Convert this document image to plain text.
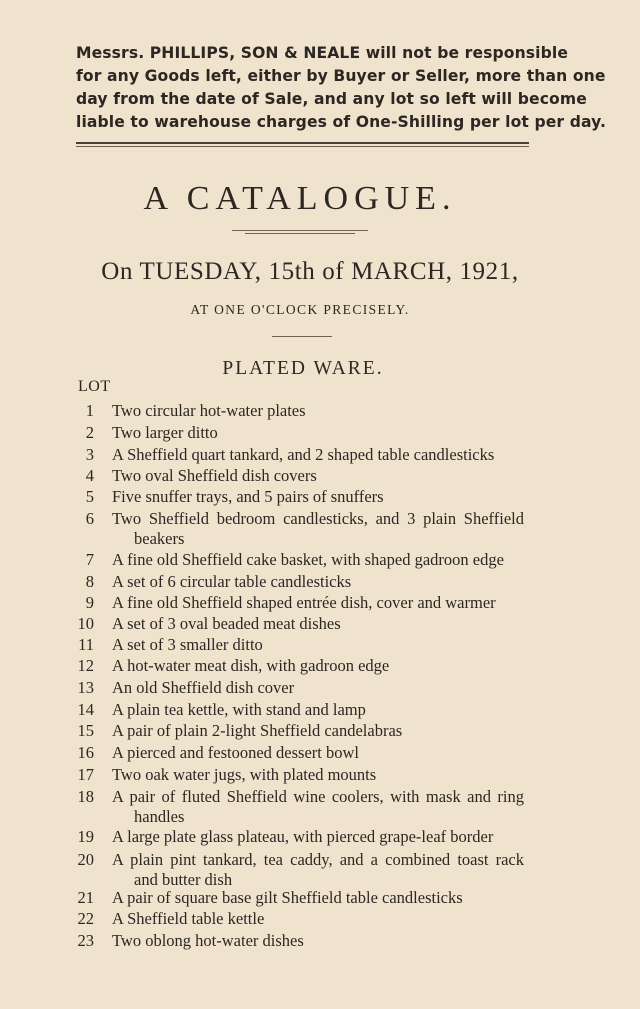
Messrs. PHILLIPS, SON & NEALE will not be responsible
for any Goods left, either by Buyer or Seller, more than one
day from the date of Sale, and any lot so left will become
liable to warehouse charges of One-Shilling per lot per day.
A CATALOGUE.
On TUESDAY, 15th of MARCH, 1921,
AT ONE O'CLOCK PRECISELY.
PLATED WARE.
LOT
1 Two circular hot-water plates
2 Two larger ditto
3 A Sheffield quart tankard, and 2 shaped table candlesticks
4 Two oval Sheffield dish covers
5 Five snuffer trays, and 5 pairs of snuffers
6 Two Sheffield bedroom candlesticks, and 3 plain Sheffield
beakers
7 A fine old Sheffield cake basket, with shaped gadroon edge
8 A set of 6 circular table candlesticks
9 A fine old Sheffield shaped entrée dish, cover and warmer
10 A set of 3 oval beaded meat dishes
11 A set of 3 smaller ditto
12 A hot-water meat dish, with gadroon edge
13 An old Sheffield dish cover
14 A plain tea kettle, with stand and lamp
15 A pair of plain 2-light Sheffield candelabras
16 A pierced and festooned dessert bowl
17 Two oak water jugs, with plated mounts
18 A pair of fluted Sheffield wine coolers, with mask and ring
handles
19 A large plate glass plateau, with pierced grape-leaf border
20 A plain pint tankard, tea caddy, and a combined toast rack
and butter dish
21 A pair of square base gilt Sheffield table candlesticks
22 A Sheffield table kettle
23 Two oblong hot-water dishes
